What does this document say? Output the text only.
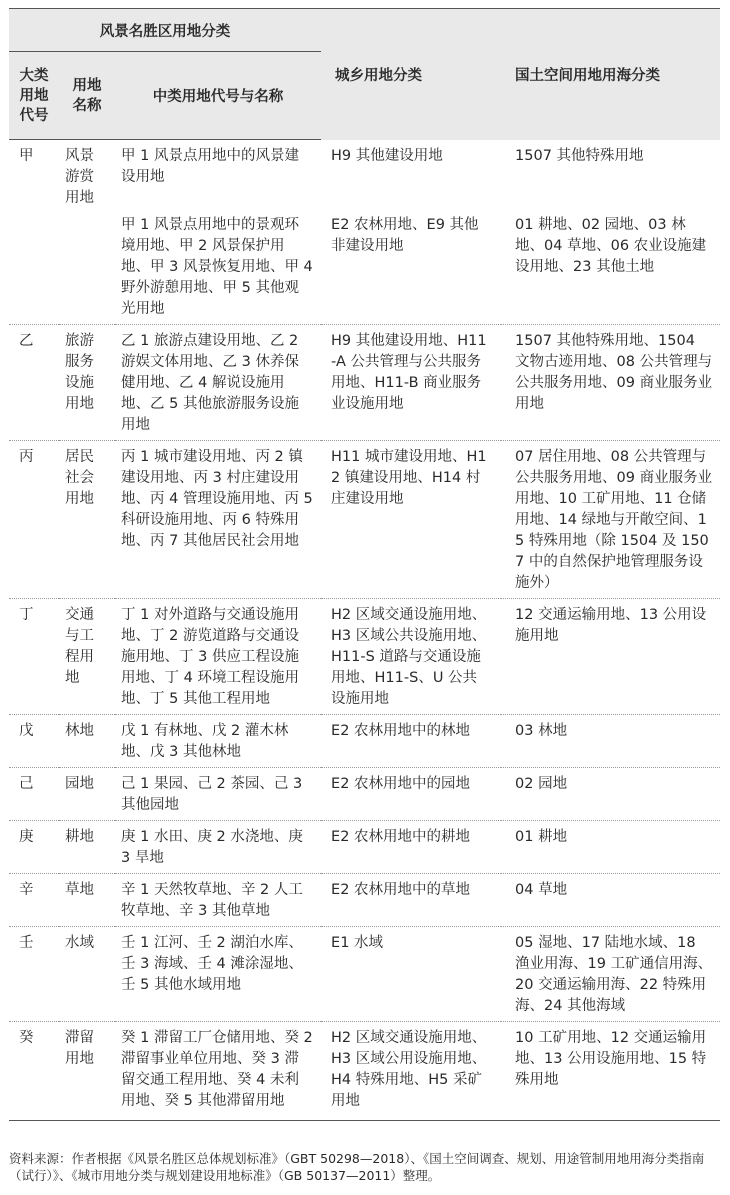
风景名胜区用地分类			城乡用地分类	国土空间用地用海分类
大类
用地
代号	用地
名称	中类用地代号与名称		
甲	风景
游赏
用地	甲 1 风景点用地中的风景建设用地	H9 其他建设用地	1507 其他特殊用地
		甲 1 风景点用地中的景观环境用地、甲 2 风景保护用地、甲 3 风景恢复用地、甲 4 野外游憩用地、甲 5 其他观光用地	E2 农林用地、E9 其他非建设用地	01 耕地、02 园地、03 林地、04 草地、06 农业设施建设用地、23 其他土地
乙	旅游
服务
设施
用地	乙 1 旅游点建设用地、乙 2 游娱文体用地、乙 3 休养保健用地、乙 4 解说设施用地、乙 5 其他旅游服务设施用地	H9 其他建设用地、H11-A 公共管理与公共服务用地、H11-B 商业服务业设施用地	1507 其他特殊用地、1504 文物古迹用地、08 公共管理与公共服务用地、09 商业服务业用地
丙	居民
社会
用地	丙 1 城市建设用地、丙 2 镇建设用地、丙 3 村庄建设用地、丙 4 管理设施用地、丙 5 科研设施用地、丙 6 特殊用地、丙 7 其他居民社会用地	H11 城市建设用地、H12 镇建设用地、H14 村庄建设用地	07 居住用地、08 公共管理与公共服务用地、09 商业服务业用地、10 工矿用地、11 仓储用地、14 绿地与开敞空间、15 特殊用地（除 1504 及 1507 中的自然保护地管理服务设施外）
丁	交通
与工
程用
地	丁 1 对外道路与交通设施用地、丁 2 游览道路与交通设施用地、丁 3 供应工程设施用地、丁 4 环境工程设施用地、丁 5 其他工程用地	H2 区域交通设施用地、H3 区域公共设施用地、H11-S 道路与交通设施用地、H11-S、U 公共设施用地	12 交通运输用地、13 公用设施用地
戊	林地	戊 1 有林地、戊 2 灌木林地、戊 3 其他林地	E2 农林用地中的林地	03 林地
己	园地	己 1 果园、己 2 茶园、己 3 其他园地	E2 农林用地中的园地	02 园地
庚	耕地	庚 1 水田、庚 2 水浇地、庚 3 旱地	E2 农林用地中的耕地	01 耕地
辛	草地	辛 1 天然牧草地、辛 2 人工牧草地、辛 3 其他草地	E2 农林用地中的草地	04 草地
壬	水域	壬 1 江河、壬 2 湖泊水库、壬 3 海域、壬 4 滩涂湿地、壬 5 其他水域用地	E1 水域	05 湿地、17 陆地水域、18 渔业用海、19 工矿通信用海、20 交通运输用海、22 特殊用海、24 其他海域
癸	滞留
用地	癸 1 滞留工厂仓储用地、癸 2 滞留事业单位用地、癸 3 滞留交通工程用地、癸 4 未利用地、癸 5 其他滞留用地	H2 区域交通设施用地、H3 区域公用设施用地、H4 特殊用地、H5 采矿用地	10 工矿用地、12 交通运输用地、13 公用设施用地、15 特殊用地
资料来源：作者根据《风景名胜区总体规划标准》（GBT 50298—2018）、《国土空间调查、规划、用途管制用地用海分类指南（试行）》、《城市用地分类与规划建设用地标准》（GB 50137—2011）整理。
